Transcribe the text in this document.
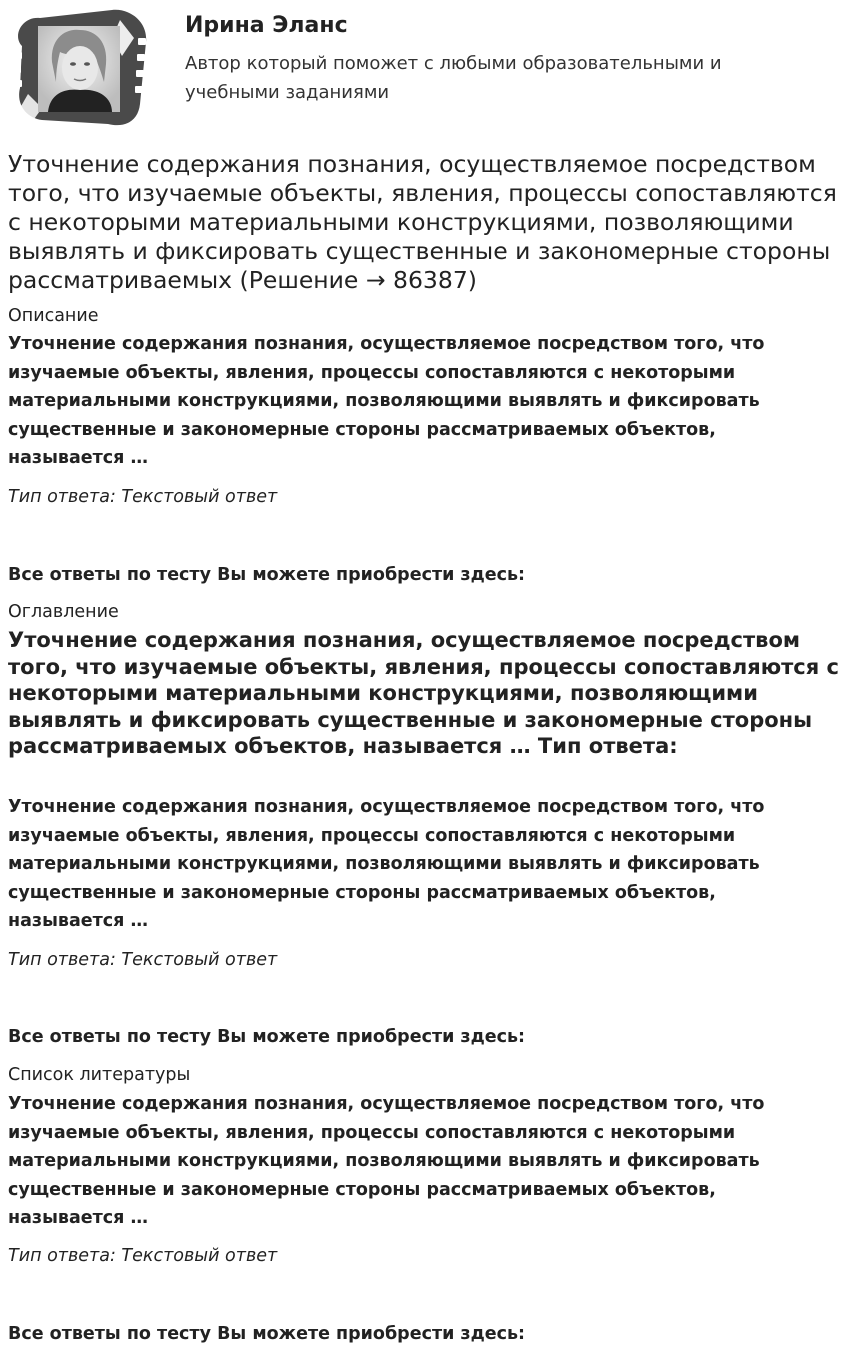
Ирина Эланс
Автор который поможет с любыми образовательными и учебными заданиями
Уточнение содержания познания, осуществляемое посредством того, что изучаемые объекты, явления, процессы сопоставляются с некоторыми материальными конструкциями, позволяющими выявлять и фиксировать существенные и закономерные стороны рассматриваемых (Решение → 86387)
Описание
Уточнение содержания познания, осуществляемое посредством того, что изучаемые объекты, явления, процессы сопоставляются с некоторыми материальными конструкциями, позволяющими выявлять и фиксировать существенные и закономерные стороны рассматриваемых объектов, называется …
Тип ответа: Текстовый ответ
Все ответы по тесту Вы можете приобрести здесь:
Оглавление
Уточнение содержания познания, осуществляемое посредством того, что изучаемые объекты, явления, процессы сопоставляются с некоторыми материальными конструкциями, позволяющими выявлять и фиксировать существенные и закономерные стороны рассматриваемых объектов, называется … Тип ответа:
Уточнение содержания познания, осуществляемое посредством того, что изучаемые объекты, явления, процессы сопоставляются с некоторыми материальными конструкциями, позволяющими выявлять и фиксировать существенные и закономерные стороны рассматриваемых объектов, называется …
Тип ответа: Текстовый ответ
Все ответы по тесту Вы можете приобрести здесь:
Список литературы
Уточнение содержания познания, осуществляемое посредством того, что изучаемые объекты, явления, процессы сопоставляются с некоторыми материальными конструкциями, позволяющими выявлять и фиксировать существенные и закономерные стороны рассматриваемых объектов, называется …
Тип ответа: Текстовый ответ
Все ответы по тесту Вы можете приобрести здесь:
